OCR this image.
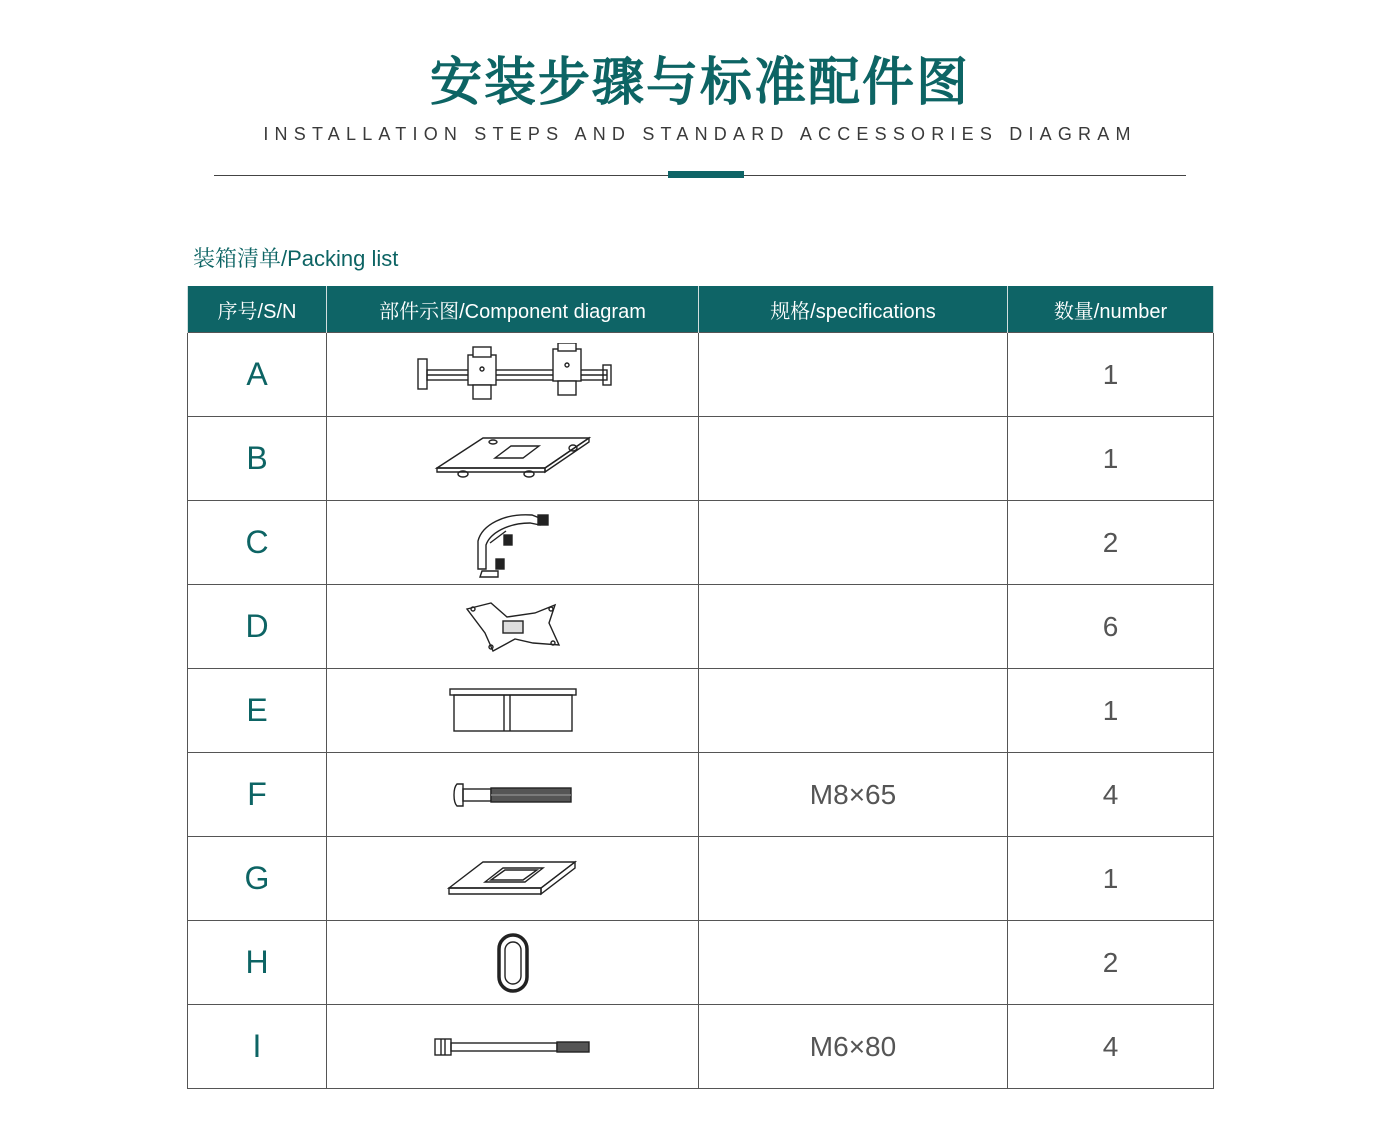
安装步骤与标准配件图
INSTALLATION STEPS AND STANDARD ACCESSORIES DIAGRAM
装箱清单/Packing list
序号/S/N	部件示图/Component diagram	规格/specifications	数量/number
A			1
B			1
C			2
D			6
E			1
F		M8×65	4
G			1
H			2
I		M6×80	4
